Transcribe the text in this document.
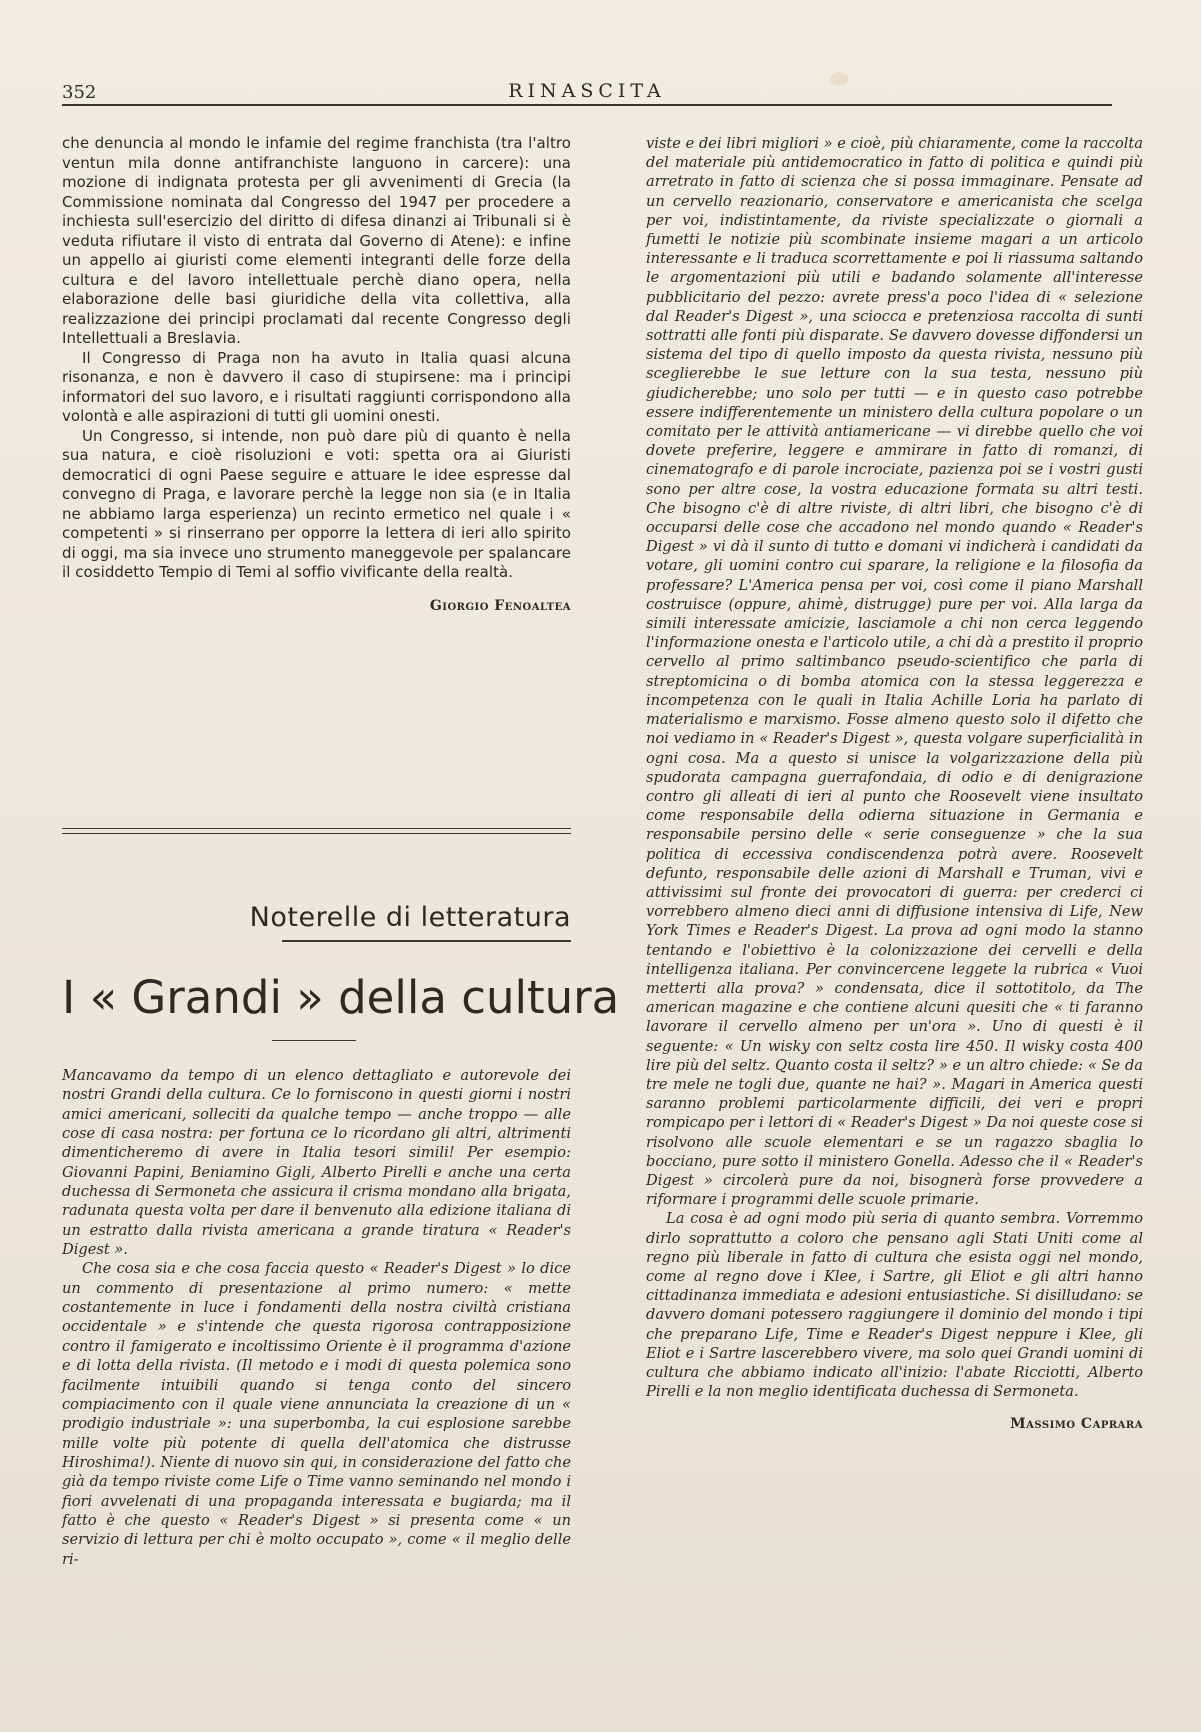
352	RINASCITA

che denuncia al mondo le infamie del regime franchista (tra l'altro ventun mila donne antifranchiste languono in carcere): una mozione di indignata protesta per gli avvenimenti di Grecia (la Commissione nominata dal Congresso del 1947 per procedere a inchiesta sull'esercizio del diritto di difesa dinanzi ai Tribunali si è veduta rifiutare il visto di entrata dal Governo di Atene): e infine un appello ai giuristi come elementi integranti delle forze della cultura e del lavoro intellettuale perchè diano opera, nella elaborazione delle basi giuridiche della vita collettiva, alla realizzazione dei principi proclamati dal recente Congresso degli Intellettuali a Breslavia.

Il Congresso di Praga non ha avuto in Italia quasi alcuna risonanza, e non è davvero il caso di stupirsene: ma i principi informatori del suo lavoro, e i risultati raggiunti corrispondono alla volontà e alle aspirazioni di tutti gli uomini onesti.

Un Congresso, si intende, non può dare più di quanto è nella sua natura, e cioè risoluzioni e voti: spetta ora ai Giuristi democratici di ogni Paese seguire e attuare le idee espresse dal convegno di Praga, e lavorare perchè la legge non sia (e in Italia ne abbiamo larga esperienza) un recinto ermetico nel quale i « competenti » si rinserrano per opporre la lettera di ieri allo spirito di oggi, ma sia invece uno strumento maneggevole per spalancare il cosiddetto Tempio di Temi al soffio vivificante della realtà.

Giorgio Fenoaltea
Noterelle di letteratura
I « Grandi » della cultura

Mancavamo da tempo di un elenco dettagliato e autorevole dei nostri Grandi della cultura. Ce lo forniscono in questi giorni i nostri amici americani, solleciti da qualche tempo — anche troppo — alle cose di casa nostra: per fortuna ce lo ricordano gli altri, altrimenti dimenticheremo di avere in Italia tesori simili! Per esempio: Giovanni Papini, Beniamino Gigli, Alberto Pirelli e anche una certa duchessa di Sermoneta che assicura il crisma mondano alla brigata, radunata questa volta per dare il benvenuto alla edizione italiana di un estratto dalla rivista americana a grande tiratura « Reader's Digest ».

Che cosa sia e che cosa faccia questo « Reader's Digest » lo dice un commento di presentazione al primo numero: « mette costantemente in luce i fondamenti della nostra civiltà cristiana occidentale » e s'intende che questa rigorosa contrapposizione contro il famigerato e incoltissimo Oriente è il programma d'azione e di lotta della rivista. (Il metodo e i modi di questa polemica sono facilmente intuibili quando si tenga conto del sincero compiacimento con il quale viene annunciata la creazione di un « prodigio industriale »: una superbomba, la cui esplosione sarebbe mille volte più potente di quella dell'atomica che distrusse Hiroshima!). Niente di nuovo sin qui, in considerazione del fatto che già da tempo riviste come Life o Time vanno seminando nel mondo i fiori avvelenati di una propaganda interessata e bugiarda; ma il fatto è che questo « Reader's Digest » si presenta come « un servizio di lettura per chi è molto occupato », come « il meglio delle ri-

viste e dei libri migliori » e cioè, più chiaramente, come la raccolta del materiale più antidemocratico in fatto di politica e quindi più arretrato in fatto di scienza che si possa immaginare. Pensate ad un cervello reazionario, conservatore e americanista che scelga per voi, indistintamente, da riviste specializzate o giornali a fumetti le notizie più scombinate insieme magari a un articolo interessante e li traduca scorrettamente e poi li riassuma saltando le argomentazioni più utili e badando solamente all'interesse pubblicitario del pezzo: avrete press'a poco l'idea di « selezione dal Reader's Digest », una sciocca e pretenziosa raccolta di sunti sottratti alle fonti più disparate. Se davvero dovesse diffondersi un sistema del tipo di quello imposto da questa rivista, nessuno più sceglierebbe le sue letture con la sua testa, nessuno più giudicherebbe; uno solo per tutti — e in questo caso potrebbe essere indifferentemente un ministero della cultura popolare o un comitato per le attività antiamericane — vi direbbe quello che voi dovete preferire, leggere e ammirare in fatto di romanzi, di cinematografo e di parole incrociate, pazienza poi se i vostri gusti sono per altre cose, la vostra educazione formata su altri testi. Che bisogno c'è di altre riviste, di altri libri, che bisogno c'è di occuparsi delle cose che accadono nel mondo quando « Reader's Digest » vi dà il sunto di tutto e domani vi indicherà i candidati da votare, gli uomini contro cui sparare, la religione e la filosofia da professare? L'America pensa per voi, così come il piano Marshall costruisce (oppure, ahimè, distrugge) pure per voi. Alla larga da simili interessate amicizie, lasciamole a chi non cerca leggendo l'informazione onesta e l'articolo utile, a chi dà a prestito il proprio cervello al primo saltimbanco pseudo-scientifico che parla di streptomicina o di bomba atomica con la stessa leggerezza e incompetenza con le quali in Italia Achille Loria ha parlato di materialismo e marxismo. Fosse almeno questo solo il difetto che noi vediamo in « Reader's Digest », questa volgare superficialità in ogni cosa. Ma a questo si unisce la volgarizzazione della più spudorata campagna guerrafondaia, di odio e di denigrazione contro gli alleati di ieri al punto che Roosevelt viene insultato come responsabile della odierna situazione in Germania e responsabile persino delle « serie conseguenze » che la sua politica di eccessiva condiscendenza potrà avere. Roosevelt defunto, responsabile delle azioni di Marshall e Truman, vivi e attivissimi sul fronte dei provocatori di guerra: per crederci ci vorrebbero almeno dieci anni di diffusione intensiva di Life, New York Times e Reader's Digest. La prova ad ogni modo la stanno tentando e l'obiettivo è la colonizzazione dei cervelli e della intelligenza italiana. Per convincercene leggete la rubrica « Vuoi metterti alla prova? » condensata, dice il sottotitolo, da The american magazine e che contiene alcuni quesiti che « ti faranno lavorare il cervello almeno per un'ora ». Uno di questi è il seguente: « Un wisky con seltz costa lire 450. Il wisky costa 400 lire più del seltz. Quanto costa il seltz? » e un altro chiede: « Se da tre mele ne togli due, quante ne hai? ». Magari in America questi saranno problemi particolarmente difficili, dei veri e propri rompicapo per i lettori di « Reader's Digest » Da noi queste cose si risolvono alle scuole elementari e se un ragazzo sbaglia lo bocciano, pure sotto il ministero Gonella. Adesso che il « Reader's Digest » circolerà pure da noi, bisognerà forse provvedere a riformare i programmi delle scuole primarie.

La cosa è ad ogni modo più seria di quanto sembra. Vorremmo dirlo soprattutto a coloro che pensano agli Stati Uniti come al regno più liberale in fatto di cultura che esista oggi nel mondo, come al regno dove i Klee, i Sartre, gli Eliot e gli altri hanno cittadinanza immediata e adesioni entusiastiche. Si disilludano: se davvero domani potessero raggiungere il dominio del mondo i tipi che preparano Life, Time e Reader's Digest neppure i Klee, gli Eliot e i Sartre lascerebbero vivere, ma solo quei Grandi uomini di cultura che abbiamo indicato all'inizio: l'abate Ricciotti, Alberto Pirelli e la non meglio identificata duchessa di Sermoneta.

Massimo Caprara
